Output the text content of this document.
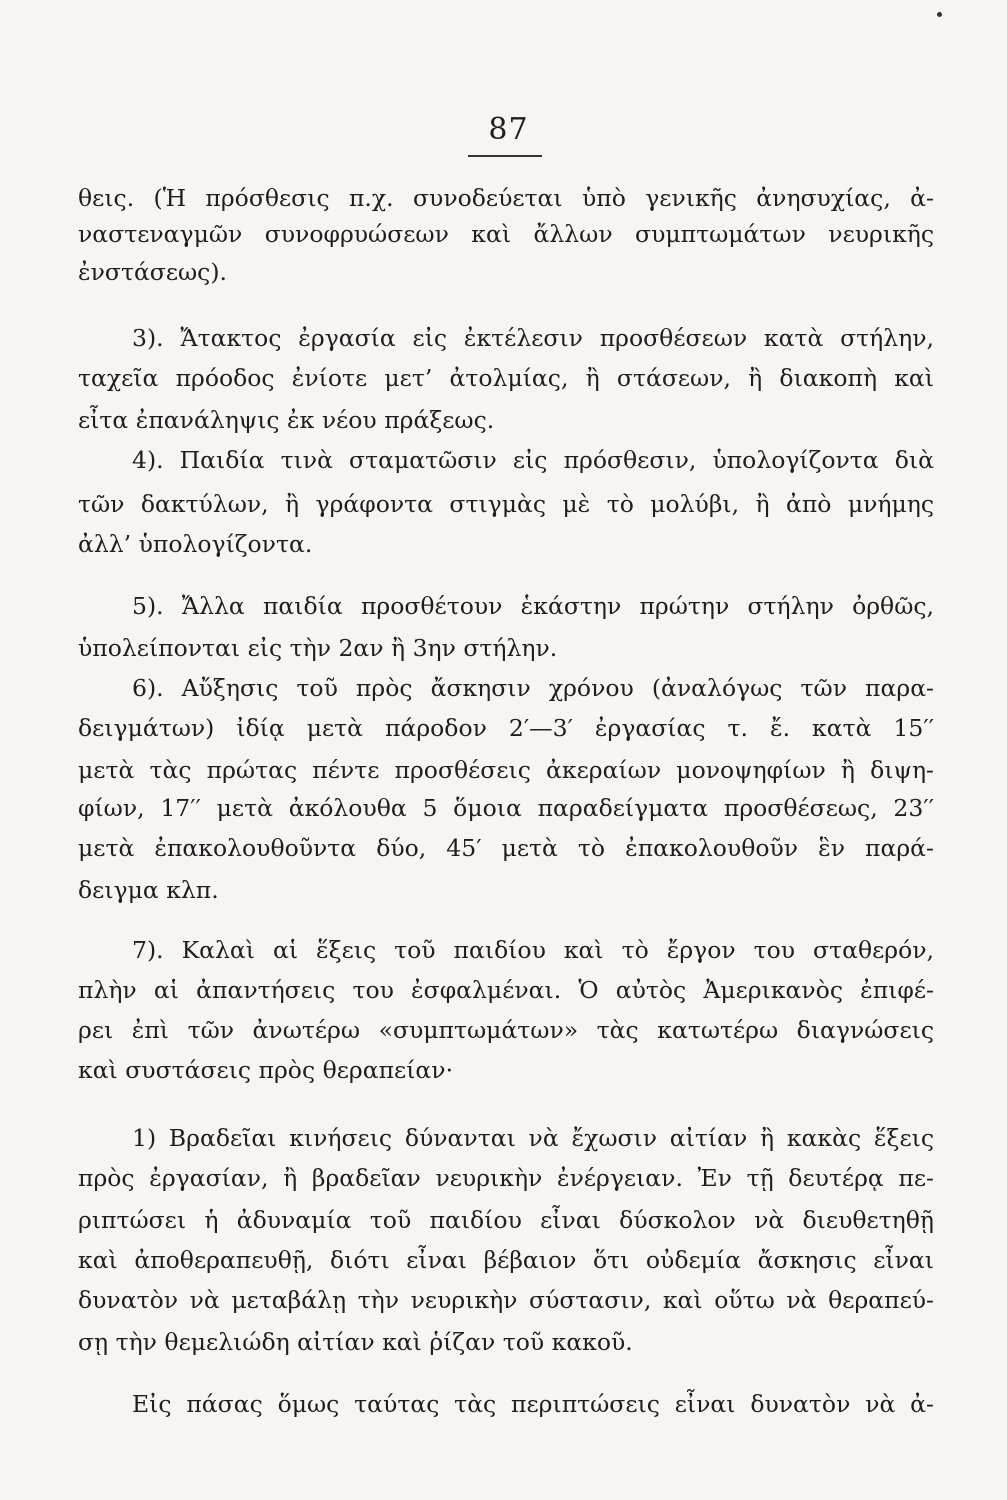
87
θεις. (Ἡ πρόσθεσις π.χ. συνοδεύεται ὑπὸ γενικῆς ἀνησυχίας, ἀ-
ναστεναγμῶν συνοφρυώσεων καὶ ἄλλων συμπτωμάτων νευρικῆς
ἐνστάσεως).
3). Ἄτακτος ἐργασία εἰς ἐκτέλεσιν προσθέσεων κατὰ στήλην,
ταχεῖα πρόοδος ἐνίοτε μετ’ ἀτολμίας, ἢ στάσεων, ἢ διακοπὴ καὶ
εἶτα ἐπανάληψις ἐκ νέου πράξεως.
4). Παιδία τινὰ σταματῶσιν εἰς πρόσθεσιν, ὑπολογίζοντα διὰ
τῶν δακτύλων, ἢ γράφοντα στιγμὰς μὲ τὸ μολύβι, ἢ ἀπὸ μνήμης
ἀλλ’ ὑπολογίζοντα.
5). Ἄλλα παιδία προσθέτουν ἑκάστην πρώτην στήλην ὀρθῶς,
ὑπολείπονται εἰς τὴν 2αν ἢ 3ην στήλην.
6). Αὔξησις τοῦ πρὸς ἄσκησιν χρόνου (ἀναλόγως τῶν παρα-
δειγμάτων) ἰδίᾳ μετὰ πάροδον 2′—3′ ἐργασίας τ. ἔ. κατὰ 15′′
μετὰ τὰς πρώτας πέντε προσθέσεις ἀκεραίων μονοψηφίων ἢ διψη-
φίων, 17′′ μετὰ ἀκόλουθα 5 ὅμοια παραδείγματα προσθέσεως, 23′′
μετὰ ἐπακολουθοῦντα δύο, 45′ μετὰ τὸ ἐπακολουθοῦν ἓν παρά-
δειγμα κλπ.
7). Καλαὶ αἱ ἕξεις τοῦ παιδίου καὶ τὸ ἔργον του σταθερόν,
πλὴν αἱ ἀπαντήσεις του ἐσφαλμέναι. Ὁ αὐτὸς Ἀμερικανὸς ἐπιφέ-
ρει ἐπὶ τῶν ἀνωτέρω «συμπτωμάτων» τὰς κατωτέρω διαγνώσεις
καὶ συστάσεις πρὸς θεραπείαν·
1) Βραδεῖαι κινήσεις δύνανται νὰ ἔχωσιν αἰτίαν ἢ κακὰς ἕξεις
πρὸς ἐργασίαν, ἢ βραδεῖαν νευρικὴν ἐνέργειαν. Ἐν τῇ δευτέρᾳ πε-
ριπτώσει ἡ ἀδυναμία τοῦ παιδίου εἶναι δύσκολον νὰ διευθετηθῇ
καὶ ἀποθεραπευθῇ, διότι εἶναι βέβαιον ὅτι οὐδεμία ἄσκησις εἶναι
δυνατὸν νὰ μεταβάλῃ τὴν νευρικὴν σύστασιν, καὶ οὕτω νὰ θεραπεύ-
σῃ τὴν θεμελιώδη αἰτίαν καὶ ῥίζαν τοῦ κακοῦ.
Εἰς πάσας ὅμως ταύτας τὰς περιπτώσεις εἶναι δυνατὸν νὰ ἀ-
